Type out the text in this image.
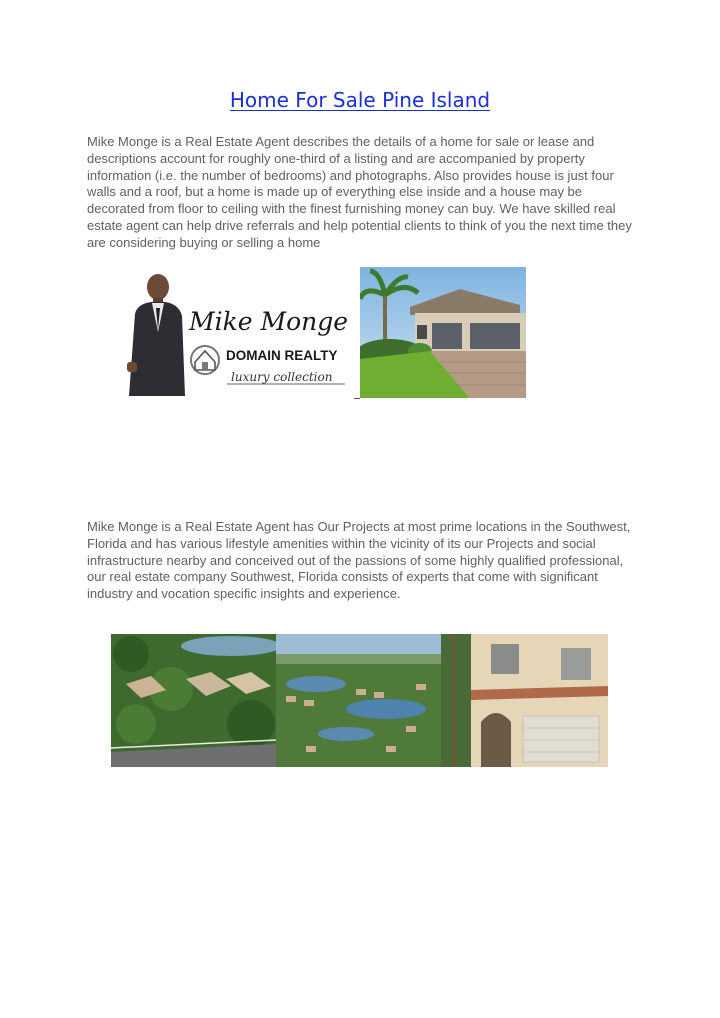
Home For Sale Pine Island

Mike Monge is a Real Estate Agent describes the details of a home for sale or lease and descriptions account for roughly one-third of a listing and are accompanied by property information (i.e. the number of bedrooms) and photographs. Also provides house is just four walls and a roof, but a home is made up of everything else inside and a house may be decorated from floor to ceiling with the finest furnishing money can buy. We have skilled real estate agent can help drive referrals and help potential clients to think of you the next time they are considering buying or selling a home

Mike Monge
DOMAIN REALTY
luxury collection

Mike Monge is a Real Estate Agent has Our Projects at most prime locations in the Southwest, Florida and has various lifestyle amenities within the vicinity of its our Projects and social infrastructure nearby and conceived out of the passions of some highly qualified professional, our real estate company Southwest, Florida consists of experts that come with significant industry and vocation specific insights and experience.
